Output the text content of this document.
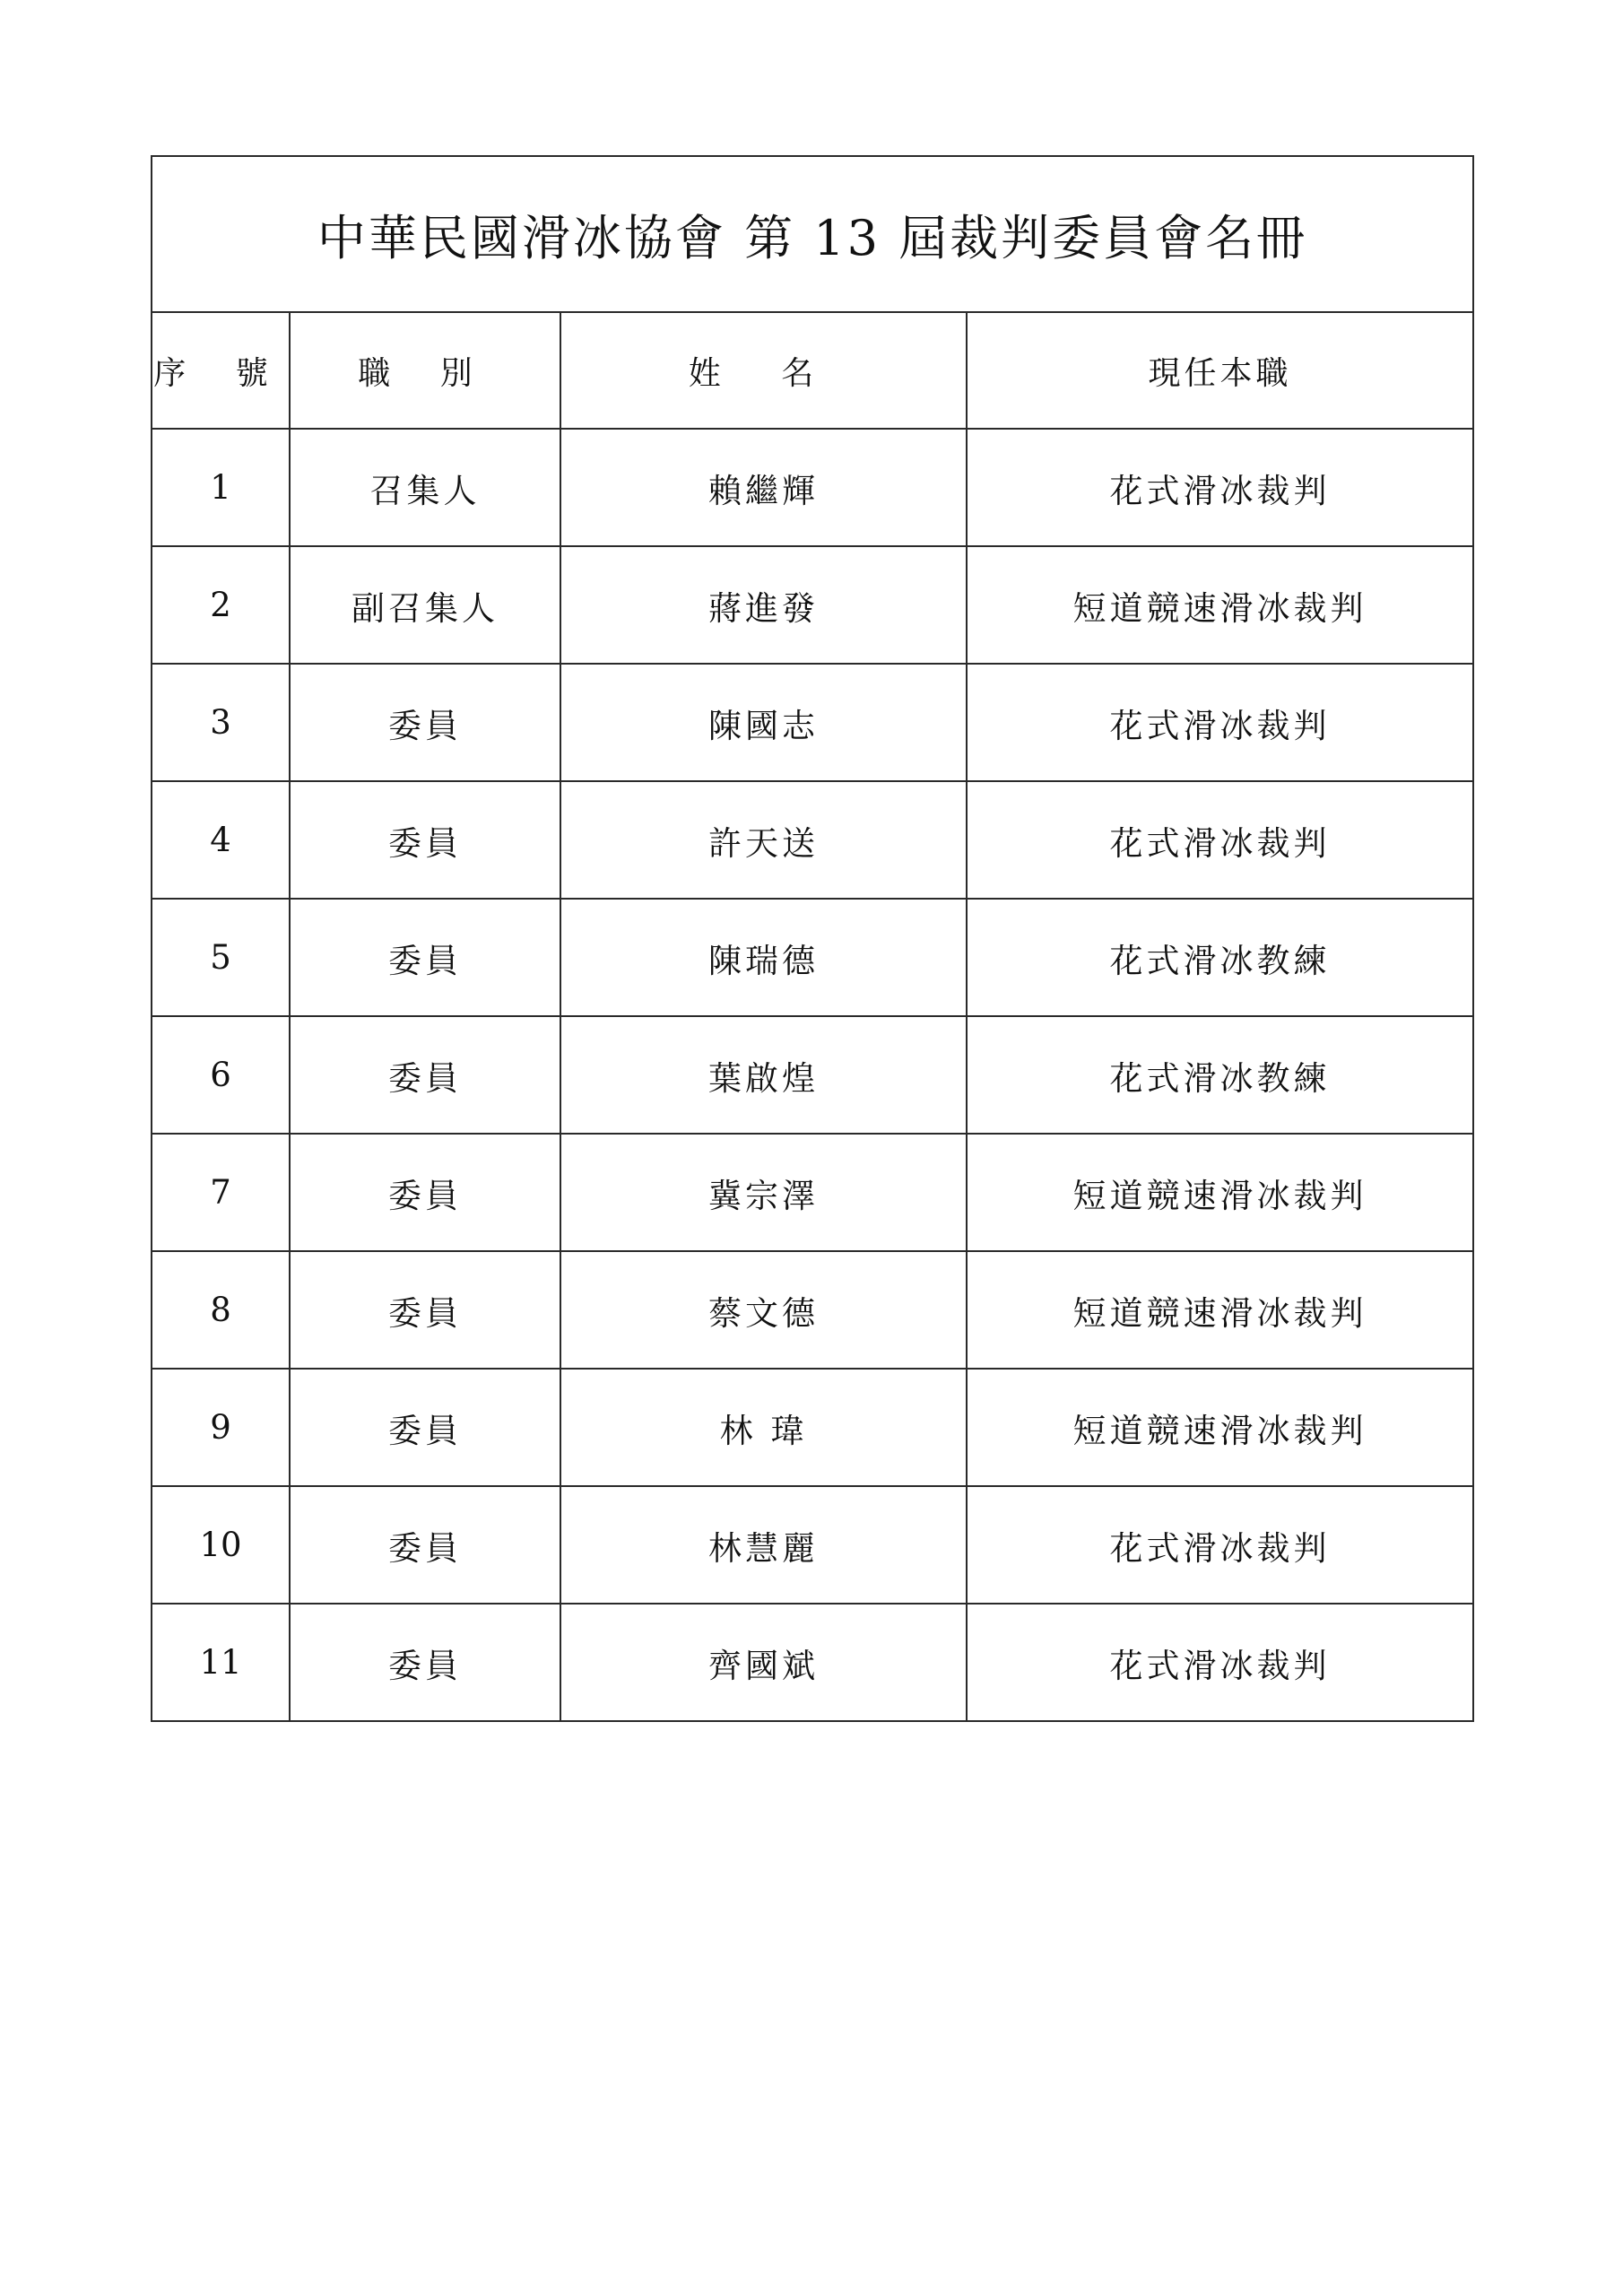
中華民國滑冰協會 第 13 屆裁判委員會名冊			
序 號	職 別	姓 名	現任本職
1	召集人	賴繼輝	花式滑冰裁判
2	副召集人	蔣進發	短道競速滑冰裁判
3	委員	陳國志	花式滑冰裁判
4	委員	許天送	花式滑冰裁判
5	委員	陳瑞德	花式滑冰教練
6	委員	葉啟煌	花式滑冰教練
7	委員	冀宗澤	短道競速滑冰裁判
8	委員	蔡文德	短道競速滑冰裁判
9	委員	林 瑋	短道競速滑冰裁判
10	委員	林慧麗	花式滑冰裁判
11	委員	齊國斌	花式滑冰裁判
